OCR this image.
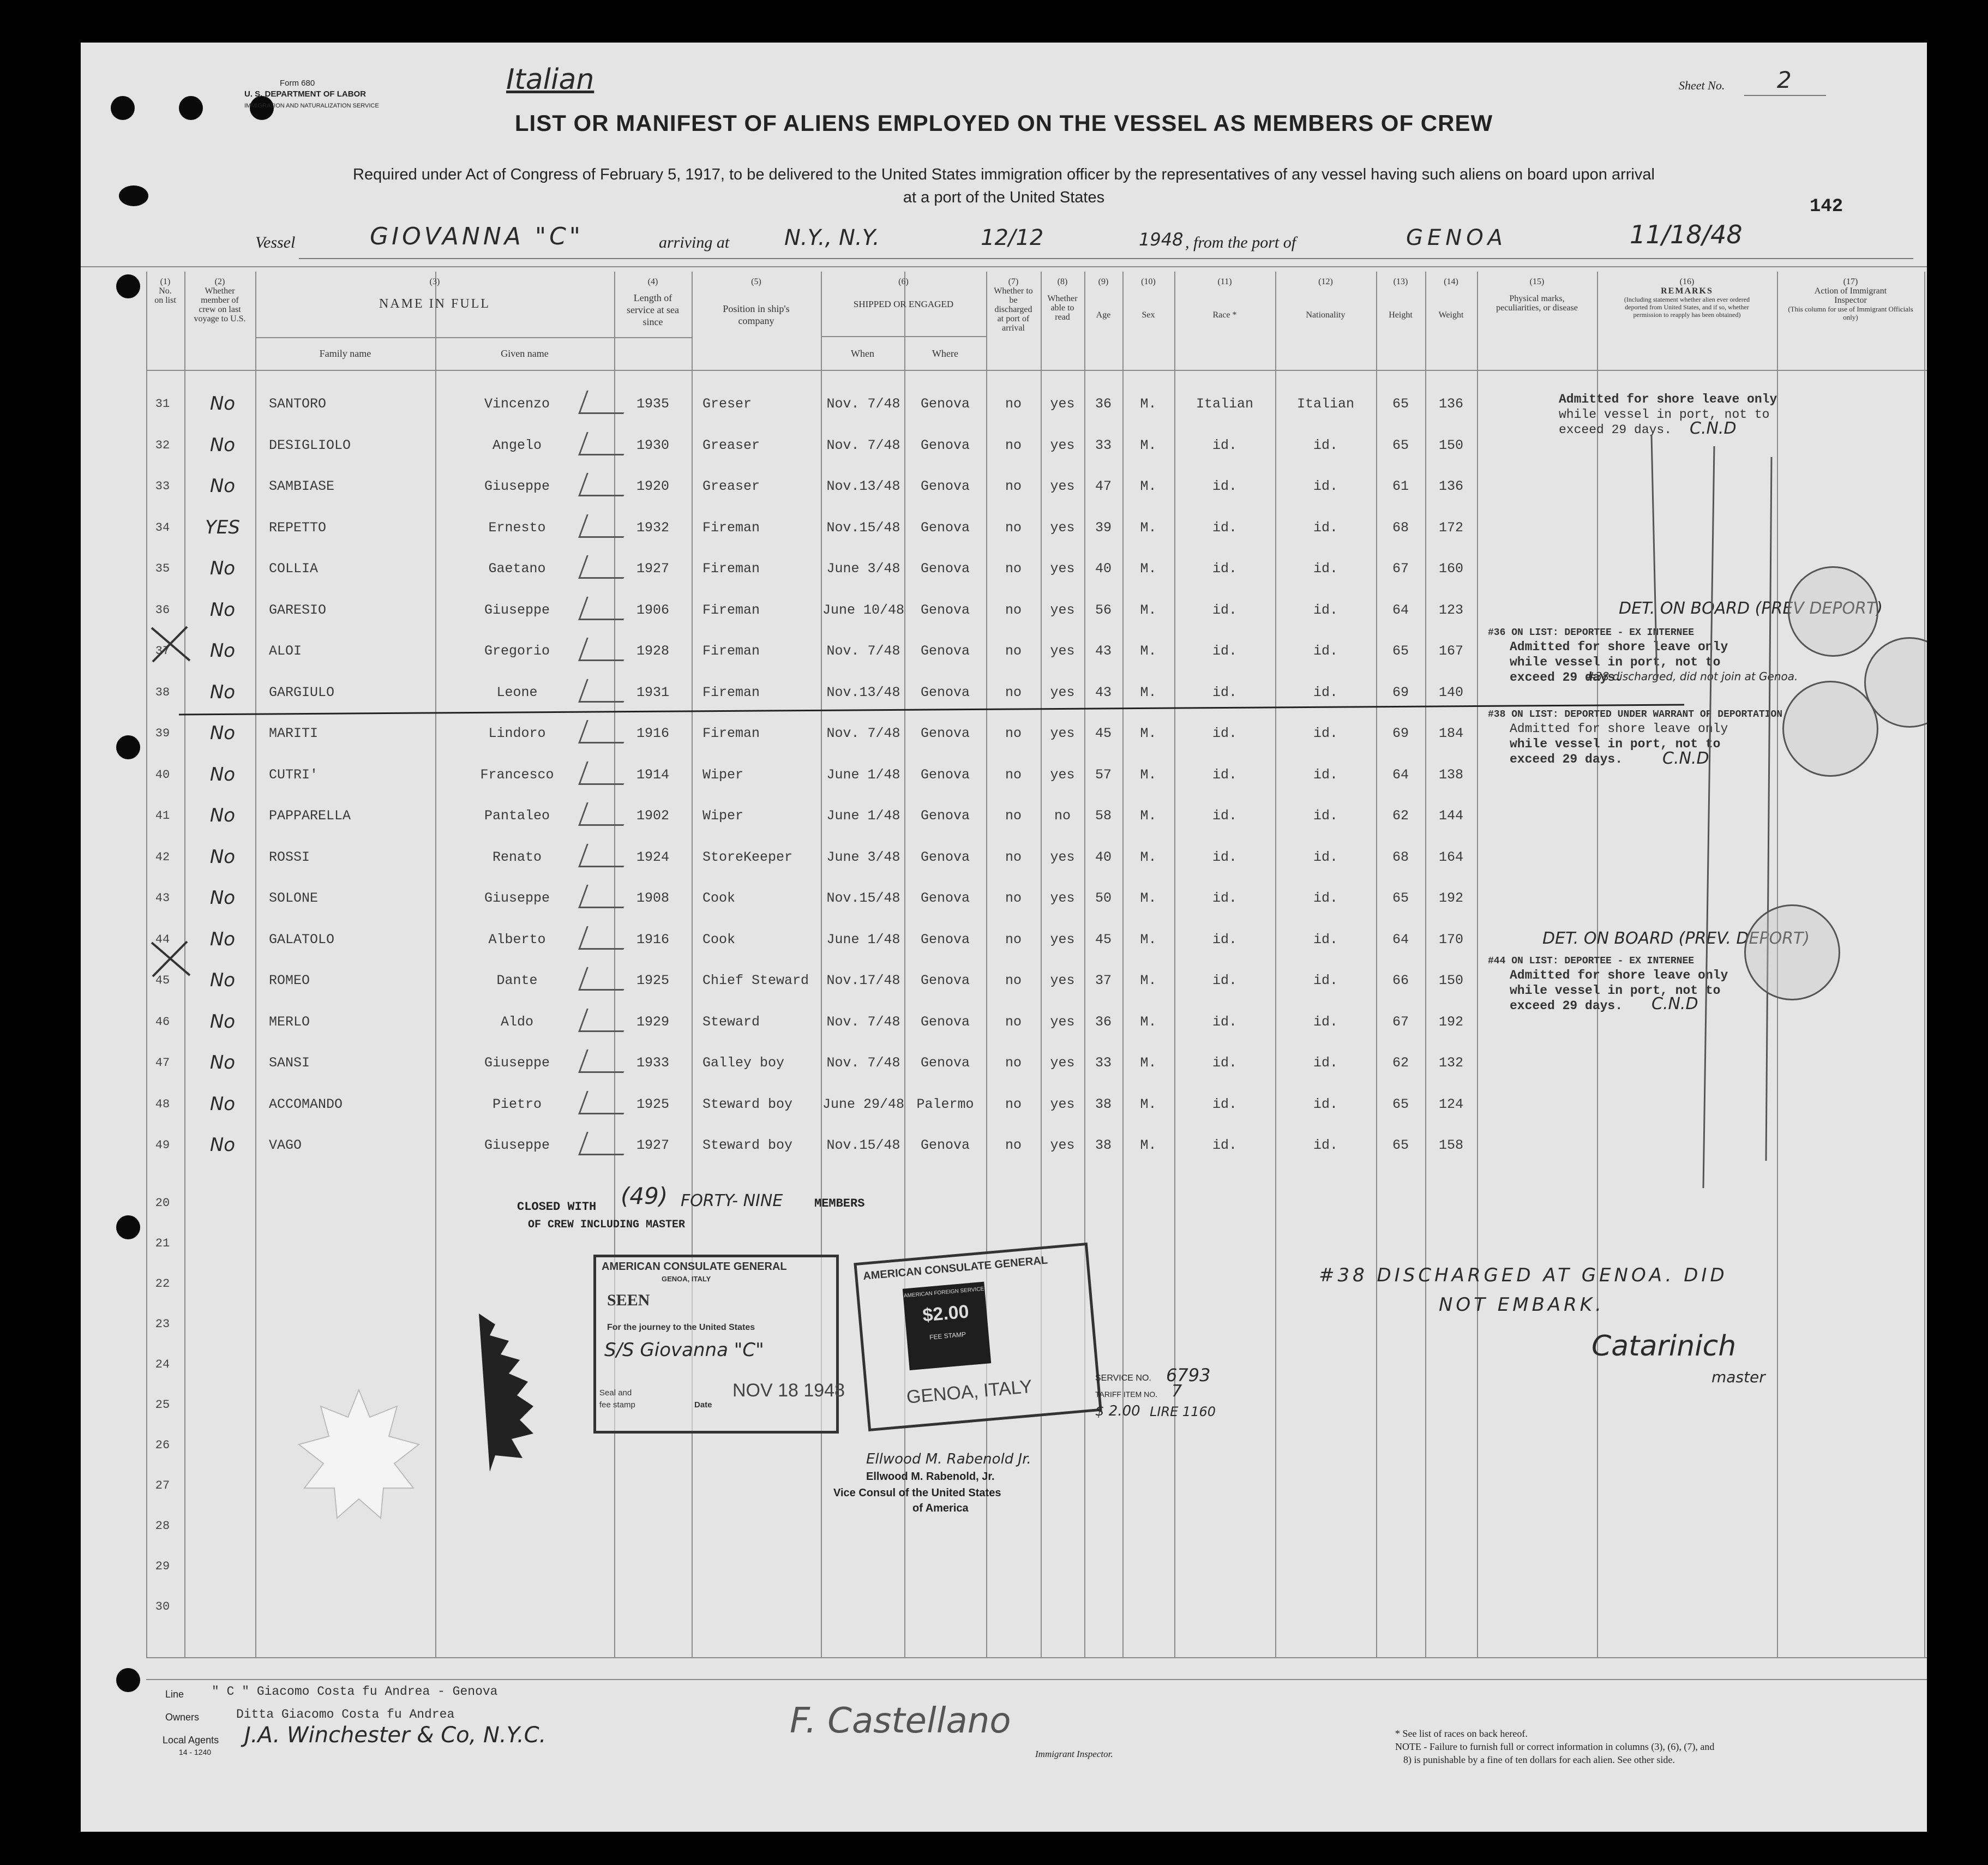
Form 680
U. S. DEPARTMENT OF LABOR
IMMIGRATION AND NATURALIZATION SERVICE
Italian	Sheet No. 2
LIST OR MANIFEST OF ALIENS EMPLOYED ON THE VESSEL AS MEMBERS OF CREW
Required under Act of Congress of February 5, 1917, to be delivered to the United States immigration officer by the representatives of any vessel having such aliens on board upon arrival
at a port of the United States	142
Vessel	GIOVANNA "C"	arriving at	N.Y., N.Y.	12/12	1948 , from the port of	GENOA	11/18/48
(1)
No. on list
(2)
Whether member of crew on last voyage to U.S.
(3)
NAME IN FULL
Family name	Given name
(4)
Length of service at sea since
(5)
Position in ship's company
(6)
SHIPPED OR ENGAGED
When	Where
(7)
Whether to be discharged at port of arrival
(8)
Whether able to read
(9)
Age
(10)
Sex
(11)
Race *
(12)
Nationality
(13)
Height
(14)
Weight
(15)
Physical marks, peculiarities, or disease
(16)
REMARKS
(Including statement whether alien ever ordered deported from United States, and if so, whether permission to reapply has been obtained)
(17)
Action of Immigrant Inspector
(This column for use of Immigrant Officials only)
31	No	SANTORO	Vincenzo	1935	Greser	Nov. 7/48	Genova	no	yes	36	M.	Italian	Italian	65	136
32	No	DESIGLIOLO	Angelo	1930	Greaser	Nov. 7/48	Genova	no	yes	33	M.	id.	id.	65	150
33	No	SAMBIASE	Giuseppe	1920	Greaser	Nov.13/48	Genova	no	yes	47	M.	id.	id.	61	136
34	YES	REPETTO	Ernesto	1932	Fireman	Nov.15/48	Genova	no	yes	39	M.	id.	id.	68	172
35	No	COLLIA	Gaetano	1927	Fireman	June 3/48	Genova	no	yes	40	M.	id.	id.	67	160
36	No	GARESIO	Giuseppe	1906	Fireman	June 10/48	Genova	no	yes	56	M.	id.	id.	64	123
37	No	ALOI	Gregorio	1928	Fireman	Nov. 7/48	Genova	no	yes	43	M.	id.	id.	65	167
38	No	GARGIULO	Leone	1931	Fireman	Nov.13/48	Genova	no	yes	43	M.	id.	id.	69	140
39	No	MARITI	Lindoro	1916	Fireman	Nov. 7/48	Genova	no	yes	45	M.	id.	id.	69	184
40	No	CUTRI'	Francesco	1914	Wiper	June 1/48	Genova	no	yes	57	M.	id.	id.	64	138
41	No	PAPPARELLA	Pantaleo	1902	Wiper	June 1/48	Genova	no	no	58	M.	id.	id.	62	144
42	No	ROSSI	Renato	1924	StoreKeeper June 3/48	Genova	no	yes	40	M.	id.	id.	68	164
43	No	SOLONE	Giuseppe	1908	Cook	Nov.15/48	Genova	no	yes	50	M.	id.	id.	65	192
44	No	GALATOLO	Alberto	1916	Cook	June 1/48	Genova	no	yes	45	M.	id.	id.	64	170
45	No	ROMEO	Dante	1925	Chief Steward Nov.17/48	Genova	no	yes	37	M.	id.	id.	66	150
46	No	MERLO	Aldo	1929	Steward	Nov. 7/48	Genova	no	yes	36	M.	id.	id.	67	192
47	No	SANSI	Giuseppe	1933	Galley boy	Nov. 7/48	Genova	no	yes	33	M.	id.	id.	62	132
48	No	ACCOMANDO	Pietro	1925	Steward boy June 29/48 Palermo	no	yes	38	M.	id.	id.	65	124
49	No	VAGO	Giuseppe	1927	Steward boy Nov.15/48	Genova	no	yes	38	M.	id.	id.	65	158
20
21
22
23
24
25
26
27
28
29
30
Admitted for shore leave only
while vessel in port, not to
exceed 29 days. C.N.D
DET. ON BOARD (PREV DEPORT)
#36 ON LIST: DEPORTEE - EX INTERNEE
Admitted for shore leave only
while vessel in port, not to
exceed 29 days.
#38 discharged, did not join at Genoa.
#38 ON LIST: DEPORTED UNDER WARRANT OF DEPORTATION
Admitted for shore leave only
while vessel in port, not to
exceed 29 days. C.N.D
DET. ON BOARD (PREV. DEPORT)
#44 ON LIST: DEPORTEE - EX INTERNEE
Admitted for shore leave only
while vessel in port, not to
exceed 29 days. C.N.D
CLOSED WITH (49) FORTY- NINE	MEMBERS
OF CREW INCLUDING MASTER
AMERICAN CONSULATE GENERAL
GENOA, ITALY
SEEN
For the journey to the United States
S/S Giovanna "C"
Seal and
fee stamp	Date
NOV 18 1948
AMERICAN CONSULATE GENERAL
AMERICAN FOREIGN SERVICE
$2.00
FEE STAMP
GENOA, ITALY	SERVICE NO. 6793
TARIFF ITEM NO. 7
$ 2.00 LIRE 1160
Ellwood M. Rabenold Jr.
Ellwood M. Rabenold, Jr.
Vice Consul of the United States
of America
#38 DISCHARGED AT GENOA. DID
NOT EMBARK.
Catarinich
master
Line " C " Giacomo Costa fu Andrea - Genova
Owners	Ditta Giacomo Costa fu Andrea
Local Agents
14 - 1240
J.A. Winchester & Co, N.Y.C.	F. Castellano
Immigrant Inspector.
* See list of races on back hereof.
NOTE - Failure to furnish full or correct information in columns (3), (6), (7), and
8) is punishable by a fine of ten dollars for each alien. See other side.
